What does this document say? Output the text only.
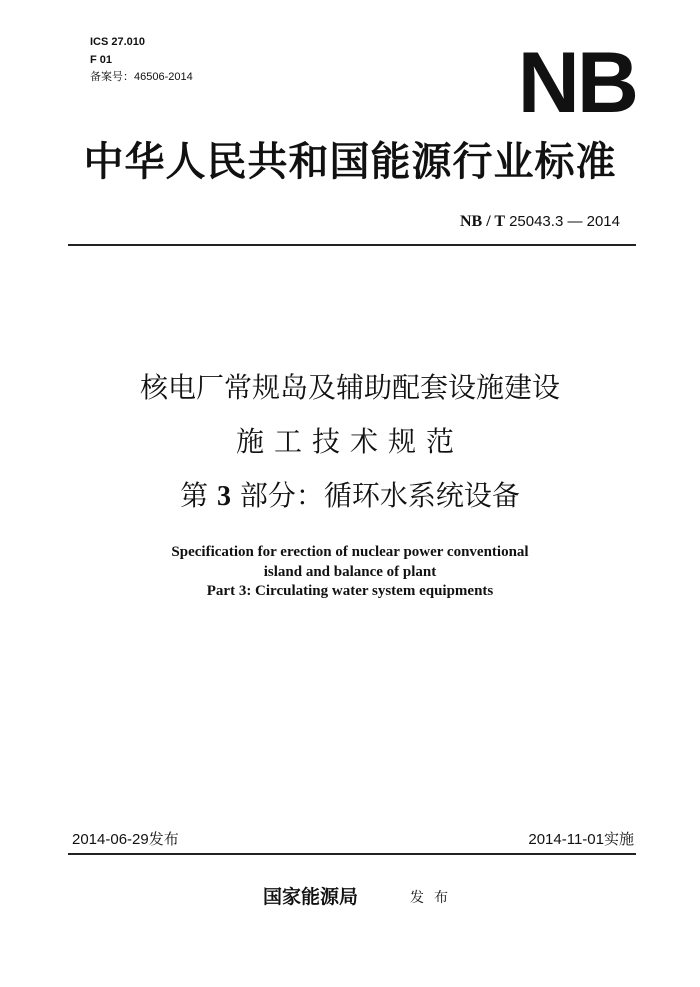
ICS 27.010
F 01
备案号：46506-2014	NB
中华人民共和国能源行业标准
NB / T 25043.3 — 2014
核电厂常规岛及辅助配套设施建设
施工技术规范
第 3 部分：循环水系统设备
Specification for erection of nuclear power conventional
island and balance of plant
Part 3: Circulating water system equipments
2014-06-29发布	2014-11-01实施
国家能源局	发布
